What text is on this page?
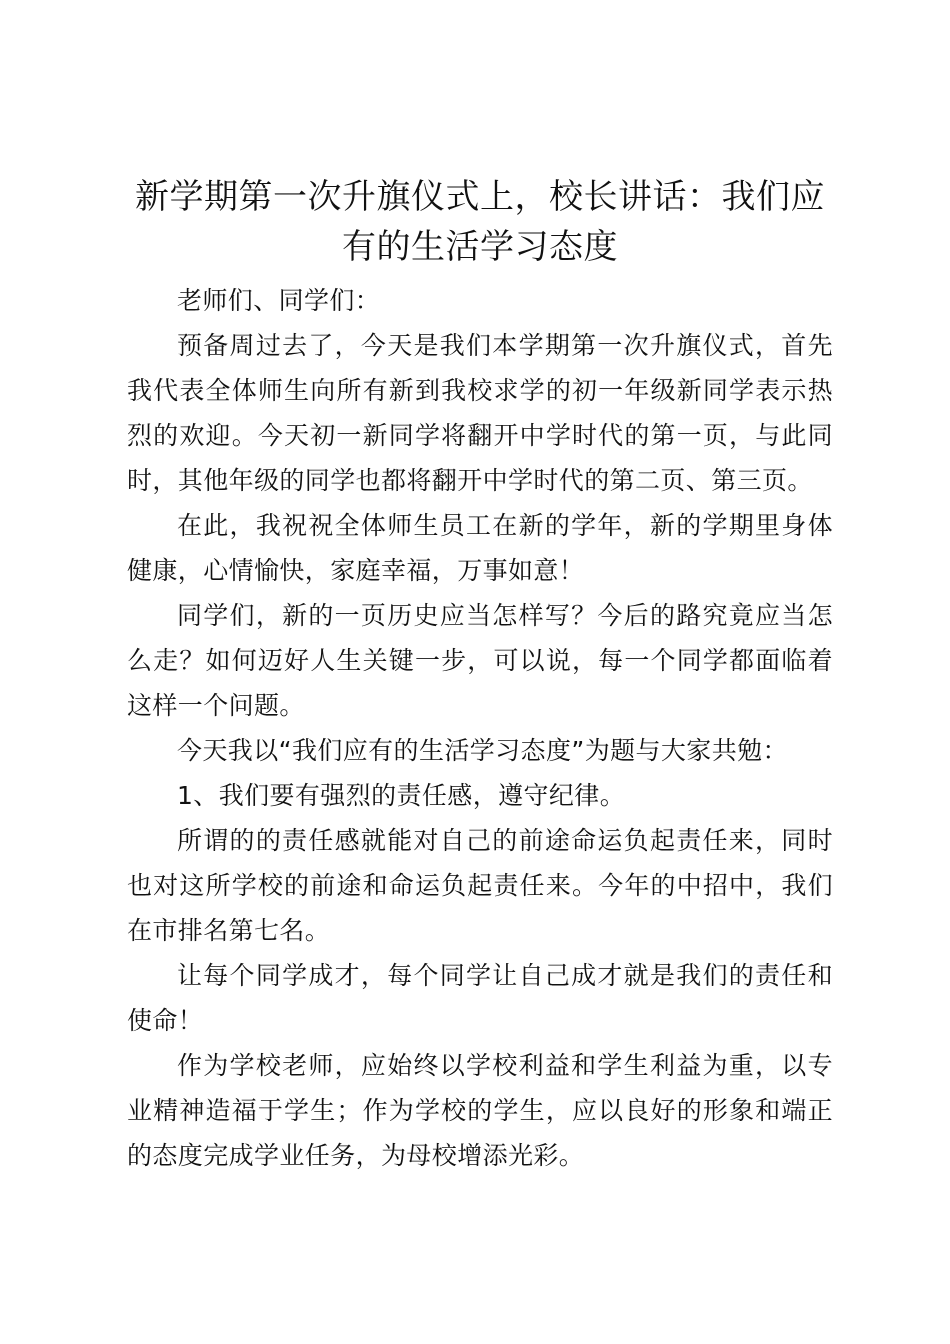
新学期第一次升旗仪式上，校长讲话：我们应有的生活学习态度

老师们、同学们：

预备周过去了，今天是我们本学期第一次升旗仪式，首先我代表全体师生向所有新到我校求学的初一年级新同学表示热烈的欢迎。今天初一新同学将翻开中学时代的第一页，与此同时，其他年级的同学也都将翻开中学时代的第二页、第三页。

在此，我祝祝全体师生员工在新的学年，新的学期里身体健康，心情愉快，家庭幸福，万事如意！

同学们，新的一页历史应当怎样写？今后的路究竟应当怎么走？如何迈好人生关键一步，可以说，每一个同学都面临着这样一个问题。

今天我以“我们应有的生活学习态度”为题与大家共勉：

1、我们要有强烈的责任感，遵守纪律。

所谓的的责任感就能对自己的前途命运负起责任来，同时也对这所学校的前途和命运负起责任来。今年的中招中，我们在市排名第七名。

让每个同学成才，每个同学让自己成才就是我们的责任和使命！

作为学校老师，应始终以学校利益和学生利益为重，以专业精神造福于学生；作为学校的学生，应以良好的形象和端正的态度完成学业任务，为母校增添光彩。
